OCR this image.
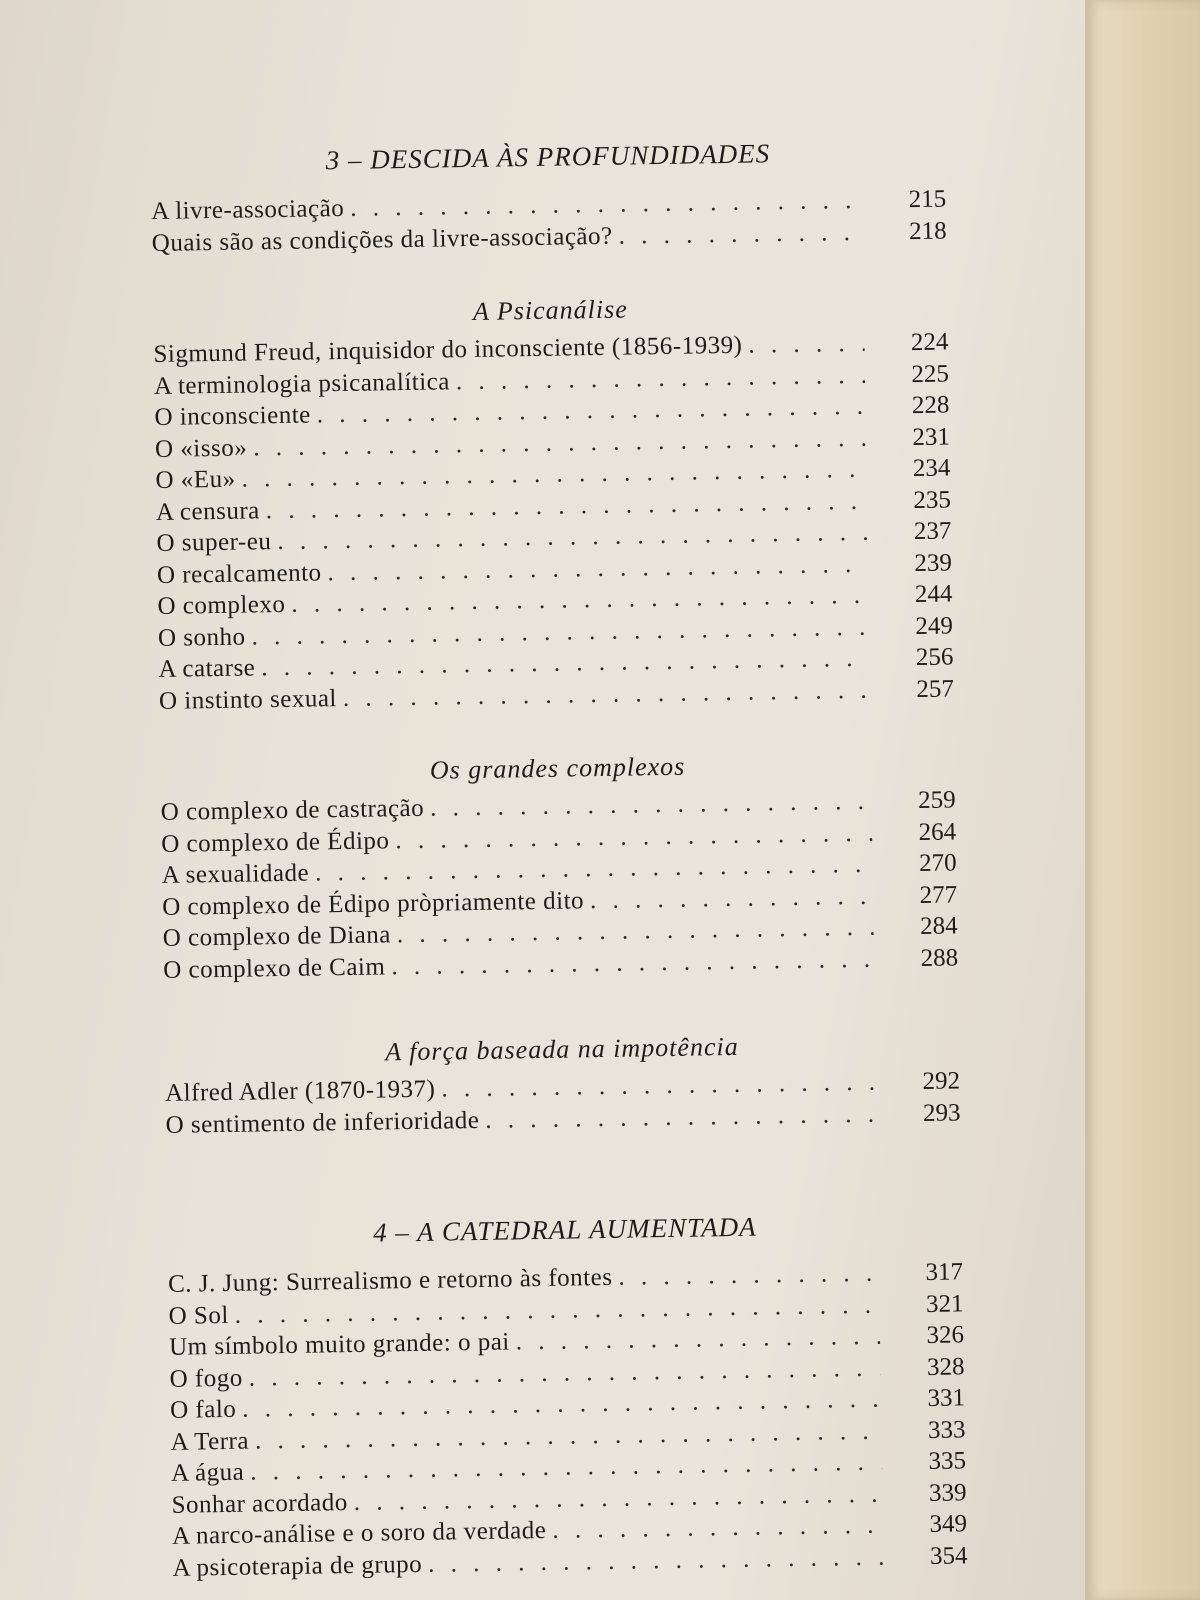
3 – DESCIDA ÀS PROFUNDIDADES
A livre-associação . . .	215
Quais são as condições da livre-associação? . . .	218
A Psicanálise
Sigmund Freud, inquisidor do inconsciente (1856-1939) . . .	224
A terminologia psicanalítica . . .	225
O inconsciente . . .	228
O «isso» . . .	231
O «Eu» . . .	234
A censura . . .	235
O super-eu . . .	237
O recalcamento . . .	239
O complexo . . .	244
O sonho . . .	249
A catarse . . .	256
O instinto sexual . . .	257
Os grandes complexos
O complexo de castração . . .	259
O complexo de Édipo . . .	264
A sexualidade . . .	270
O complexo de Édipo pròpriamente dito . . .	277
O complexo de Diana . . .	284
O complexo de Caim . . .	288
A força baseada na impotência
Alfred Adler (1870-1937) . . .	292
O sentimento de inferioridade . . .	293
4 – A CATEDRAL AUMENTADA
C. J. Jung: Surrealismo e retorno às fontes . . .	317
O Sol . . .	321
Um símbolo muito grande: o pai . . .	326
O fogo . . .	328
O falo . . .	331
A Terra . . .	333
A água . . .	335
Sonhar acordado . . .	339
A narco-análise e o soro da verdade . . .	349
A psicoterapia de grupo . . .	354
